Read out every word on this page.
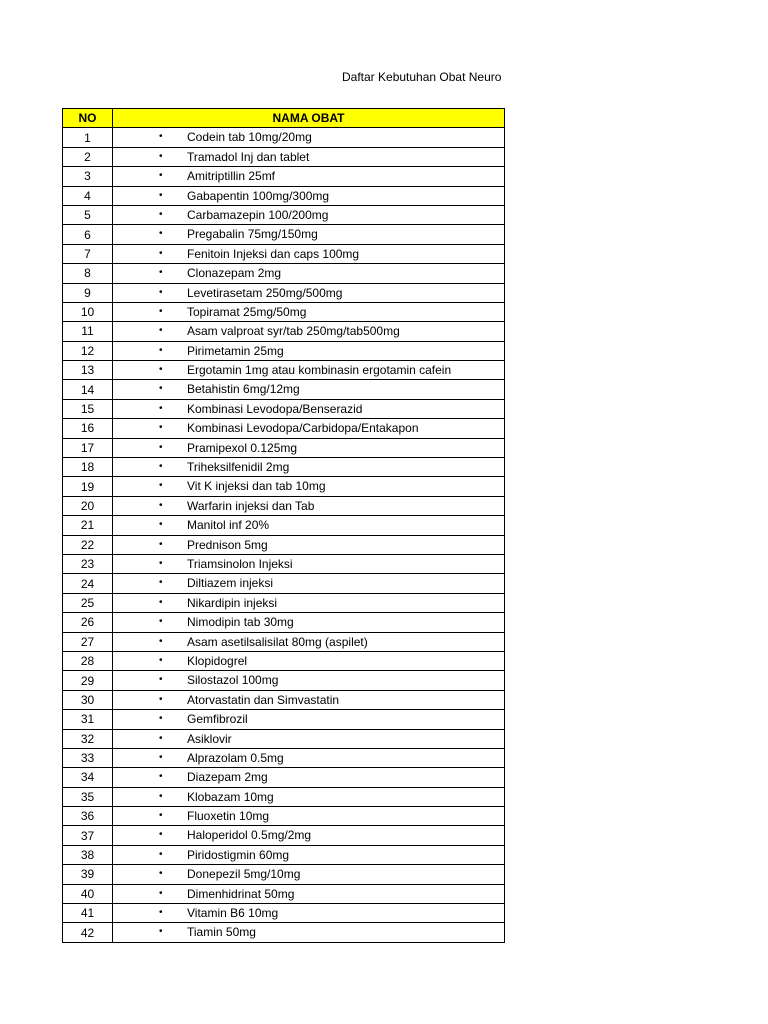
Daftar Kebutuhan Obat Neuro
NO	NAMA OBAT
1	• Codein tab 10mg/20mg

2	• Tramadol Inj dan tablet

3	• Amitriptillin 25mf

4	• Gabapentin 100mg/300mg

5	• Carbamazepin 100/200mg

6	• Pregabalin 75mg/150mg

7	• Fenitoin Injeksi dan caps 100mg

8	• Clonazepam 2mg

9	• Levetirasetam 250mg/500mg

10	• Topiramat 25mg/50mg

11	• Asam valproat syr/tab 250mg/tab500mg

12	• Pirimetamin 25mg

13	• Ergotamin 1mg atau kombinasin ergotamin cafein

14	• Betahistin 6mg/12mg

15	• Kombinasi Levodopa/Benserazid

16	• Kombinasi Levodopa/Carbidopa/Entakapon

17	• Pramipexol 0.125mg

18	• Triheksilfenidil 2mg

19	• Vit K injeksi dan tab 10mg

20	• Warfarin injeksi dan Tab

21	• Manitol inf 20%

22	• Prednison 5mg

23	• Triamsinolon Injeksi

24	• Diltiazem injeksi

25	• Nikardipin injeksi

26	• Nimodipin tab 30mg

27	• Asam asetilsalisilat 80mg (aspilet)

28	• Klopidogrel

29	• Silostazol 100mg

30	• Atorvastatin dan Simvastatin

31	• Gemfibrozil

32	• Asiklovir

33	• Alprazolam 0.5mg

34	• Diazepam 2mg

35	• Klobazam 10mg

36	• Fluoxetin 10mg

37	• Haloperidol 0.5mg/2mg

38	• Piridostigmin 60mg

39	• Donepezil 5mg/10mg

40	• Dimenhidrinat 50mg

41	• Vitamin B6 10mg

42	• Tiamin 50mg
